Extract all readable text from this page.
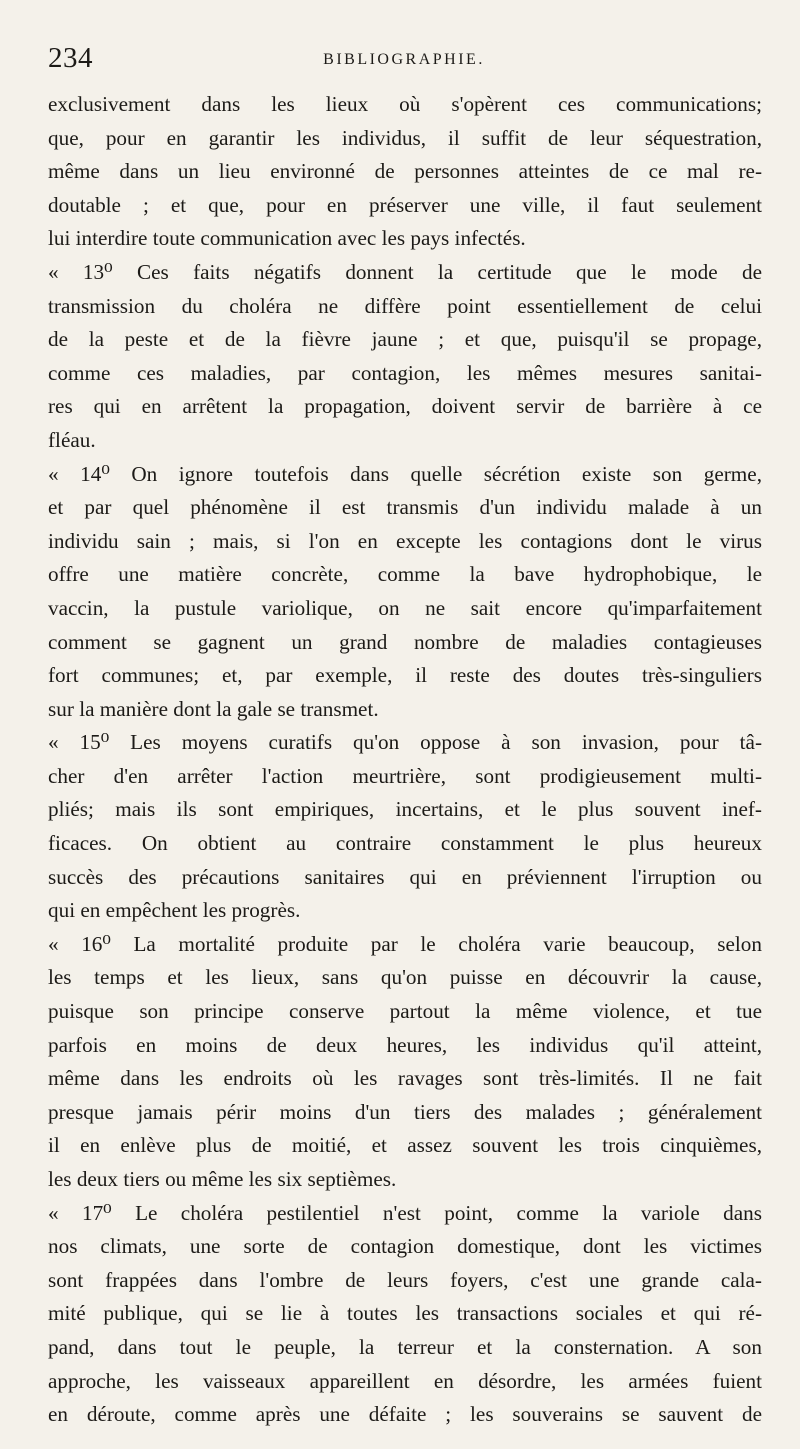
234	BIBLIOGRAPHIE.
exclusivement dans les lieux où s'opèrent ces communications;
que, pour en garantir les individus, il suffit de leur séquestration,
même dans un lieu environné de personnes atteintes de ce mal re-
doutable ; et que, pour en préserver une ville, il faut seulement
lui interdire toute communication avec les pays infectés.
« 13⁰ Ces faits négatifs donnent la certitude que le mode de
transmission du choléra ne diffère point essentiellement de celui
de la peste et de la fièvre jaune ; et que, puisqu'il se propage,
comme ces maladies, par contagion, les mêmes mesures sanitai-
res qui en arrêtent la propagation, doivent servir de barrière à ce
fléau.
« 14⁰ On ignore toutefois dans quelle sécrétion existe son germe,
et par quel phénomène il est transmis d'un individu malade à un
individu sain ; mais, si l'on en excepte les contagions dont le virus
offre une matière concrète, comme la bave hydrophobique, le
vaccin, la pustule variolique, on ne sait encore qu'imparfaitement
comment se gagnent un grand nombre de maladies contagieuses
fort communes; et, par exemple, il reste des doutes très-singuliers
sur la manière dont la gale se transmet.
« 15⁰ Les moyens curatifs qu'on oppose à son invasion, pour tâ-
cher d'en arrêter l'action meurtrière, sont prodigieusement multi-
pliés; mais ils sont empiriques, incertains, et le plus souvent inef-
ficaces. On obtient au contraire constamment le plus heureux
succès des précautions sanitaires qui en préviennent l'irruption ou
qui en empêchent les progrès.
« 16⁰ La mortalité produite par le choléra varie beaucoup, selon
les temps et les lieux, sans qu'on puisse en découvrir la cause,
puisque son principe conserve partout la même violence, et tue
parfois en moins de deux heures, les individus qu'il atteint,
même dans les endroits où les ravages sont très-limités. Il ne fait
presque jamais périr moins d'un tiers des malades ; généralement
il en enlève plus de moitié, et assez souvent les trois cinquièmes,
les deux tiers ou même les six septièmes.
« 17⁰ Le choléra pestilentiel n'est point, comme la variole dans
nos climats, une sorte de contagion domestique, dont les victimes
sont frappées dans l'ombre de leurs foyers, c'est une grande cala-
mité publique, qui se lie à toutes les transactions sociales et qui ré-
pand, dans tout le peuple, la terreur et la consternation. A son
approche, les vaisseaux appareillent en désordre, les armées fuient
en déroute, comme après une défaite ; les souverains se sauvent de
